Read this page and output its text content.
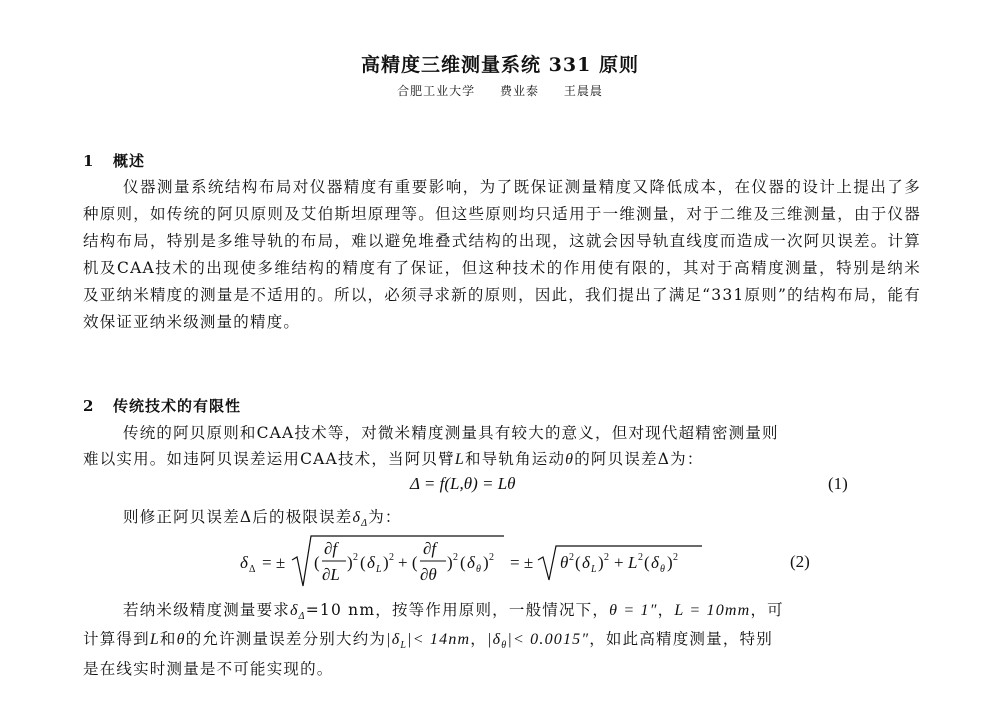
高精度三维测量系统 331 原则
合肥工业大学 费业泰 王晨晨
1 概述

仪器测量系统结构布局对仪器精度有重要影响，为了既保证测量精度又降低成本，在仪器的设计上提出了多种原则，如传统的阿贝原则及艾伯斯坦原理等。但这些原则均只适用于一维测量，对于二维及三维测量，由于仪器结构布局，特别是多维导轨的布局，难以避免堆叠式结构的出现，这就会因导轨直线度而造成一次阿贝误差。计算机及CAA技术的出现使多维结构的精度有了保证，但这种技术的作用使有限的，其对于高精度测量，特别是纳米及亚纳米精度的测量是不适用的。所以，必须寻求新的原则，因此，我们提出了满足“331原则”的结构布局，能有效保证亚纳米级测量的精度。

2 传统技术的有限性
传统的阿贝原则和CAA技术等，对微米精度测量具有较大的意义，但对现代超精密测量则
难以实用。如违阿贝误差运用CAA技术，当阿贝臂L和导轨角运动θ的阿贝误差Δ为：
Δ = f(L,θ) = Lθ	(1)
则修正阿贝误差Δ后的极限误差$\delta_\Delta$为：
δ Δ = ± (
∂f
∂L
) 2 ( δ L ) 2 + (
∂f
∂θ
) 2 ( δ θ ) 2 = ± θ 2 ( δ L ) 2 + L 2 ( δ θ ) 2	(2)
若纳米级精度测量要求$\delta_\Delta=10$ nm，按等作用原则，一般情况下，θ = 1″，L = 10mm，可
计算得到L和θ的允许测量误差分别大约为$|\delta_L|< 14nm$，$|\delta_\theta|< 0.0015''$，如此高精度测量，特别
是在线实时测量是不可能实现的。
